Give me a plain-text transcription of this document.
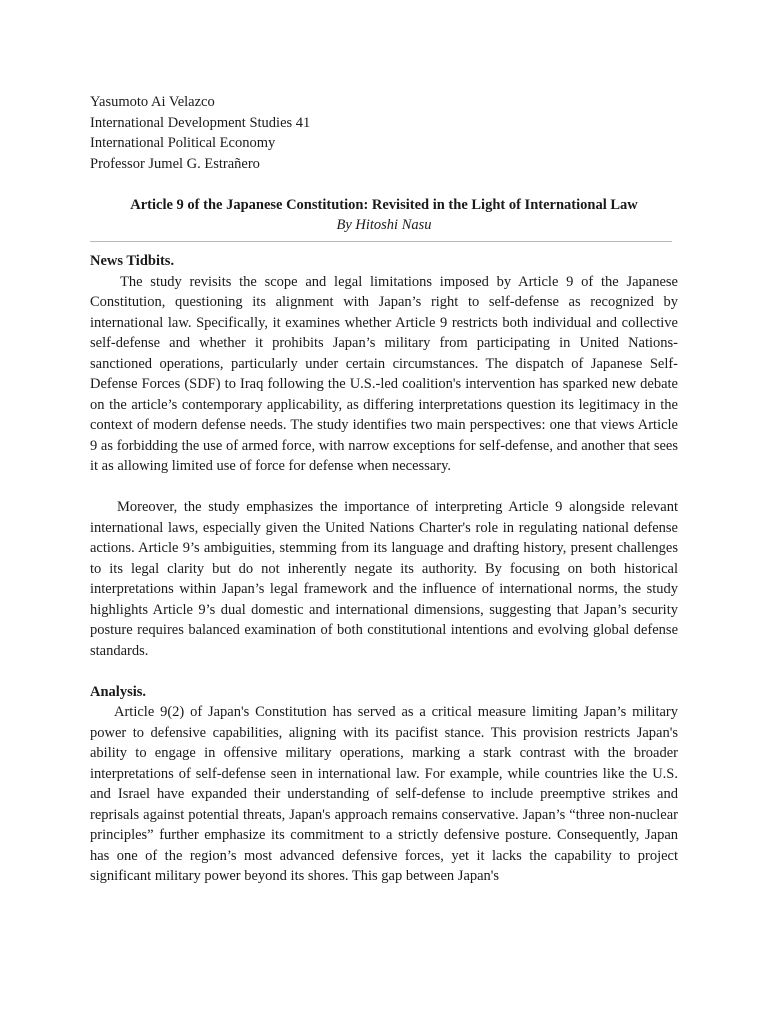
Yasumoto Ai Velazco

International Development Studies 41

International Political Economy

Professor Jumel G. Estrañero

Article 9 of the Japanese Constitution: Revisited in the Light of International Law

By Hitoshi Nasu

News Tidbits.

The study revisits the scope and legal limitations imposed by Article 9 of the Japanese Constitution, questioning its alignment with Japan’s right to self-defense as recognized by international law. Specifically, it examines whether Article 9 restricts both individual and collective self-defense and whether it prohibits Japan’s military from participating in United Nations-sanctioned operations, particularly under certain circumstances. The dispatch of Japanese Self-Defense Forces (SDF) to Iraq following the U.S.-led coalition's intervention has sparked new debate on the article’s contemporary applicability, as differing interpretations question its legitimacy in the context of modern defense needs. The study identifies two main perspectives: one that views Article 9 as forbidding the use of armed force, with narrow exceptions for self-defense, and another that sees it as allowing limited use of force for defense when necessary.

Moreover, the study emphasizes the importance of interpreting Article 9 alongside relevant international laws, especially given the United Nations Charter's role in regulating national defense actions. Article 9’s ambiguities, stemming from its language and drafting history, present challenges to its legal clarity but do not inherently negate its authority. By focusing on both historical interpretations within Japan’s legal framework and the influence of international norms, the study highlights Article 9’s dual domestic and international dimensions, suggesting that Japan’s security posture requires balanced examination of both constitutional intentions and evolving global defense standards.

Analysis.

Article 9(2) of Japan's Constitution has served as a critical measure limiting Japan’s military power to defensive capabilities, aligning with its pacifist stance. This provision restricts Japan's ability to engage in offensive military operations, marking a stark contrast with the broader interpretations of self-defense seen in international law. For example, while countries like the U.S. and Israel have expanded their understanding of self-defense to include preemptive strikes and reprisals against potential threats, Japan's approach remains conservative. Japan’s “three non-nuclear principles” further emphasize its commitment to a strictly defensive posture. Consequently, Japan has one of the region’s most advanced defensive forces, yet it lacks the capability to project significant military power beyond its shores. This gap between Japan's
